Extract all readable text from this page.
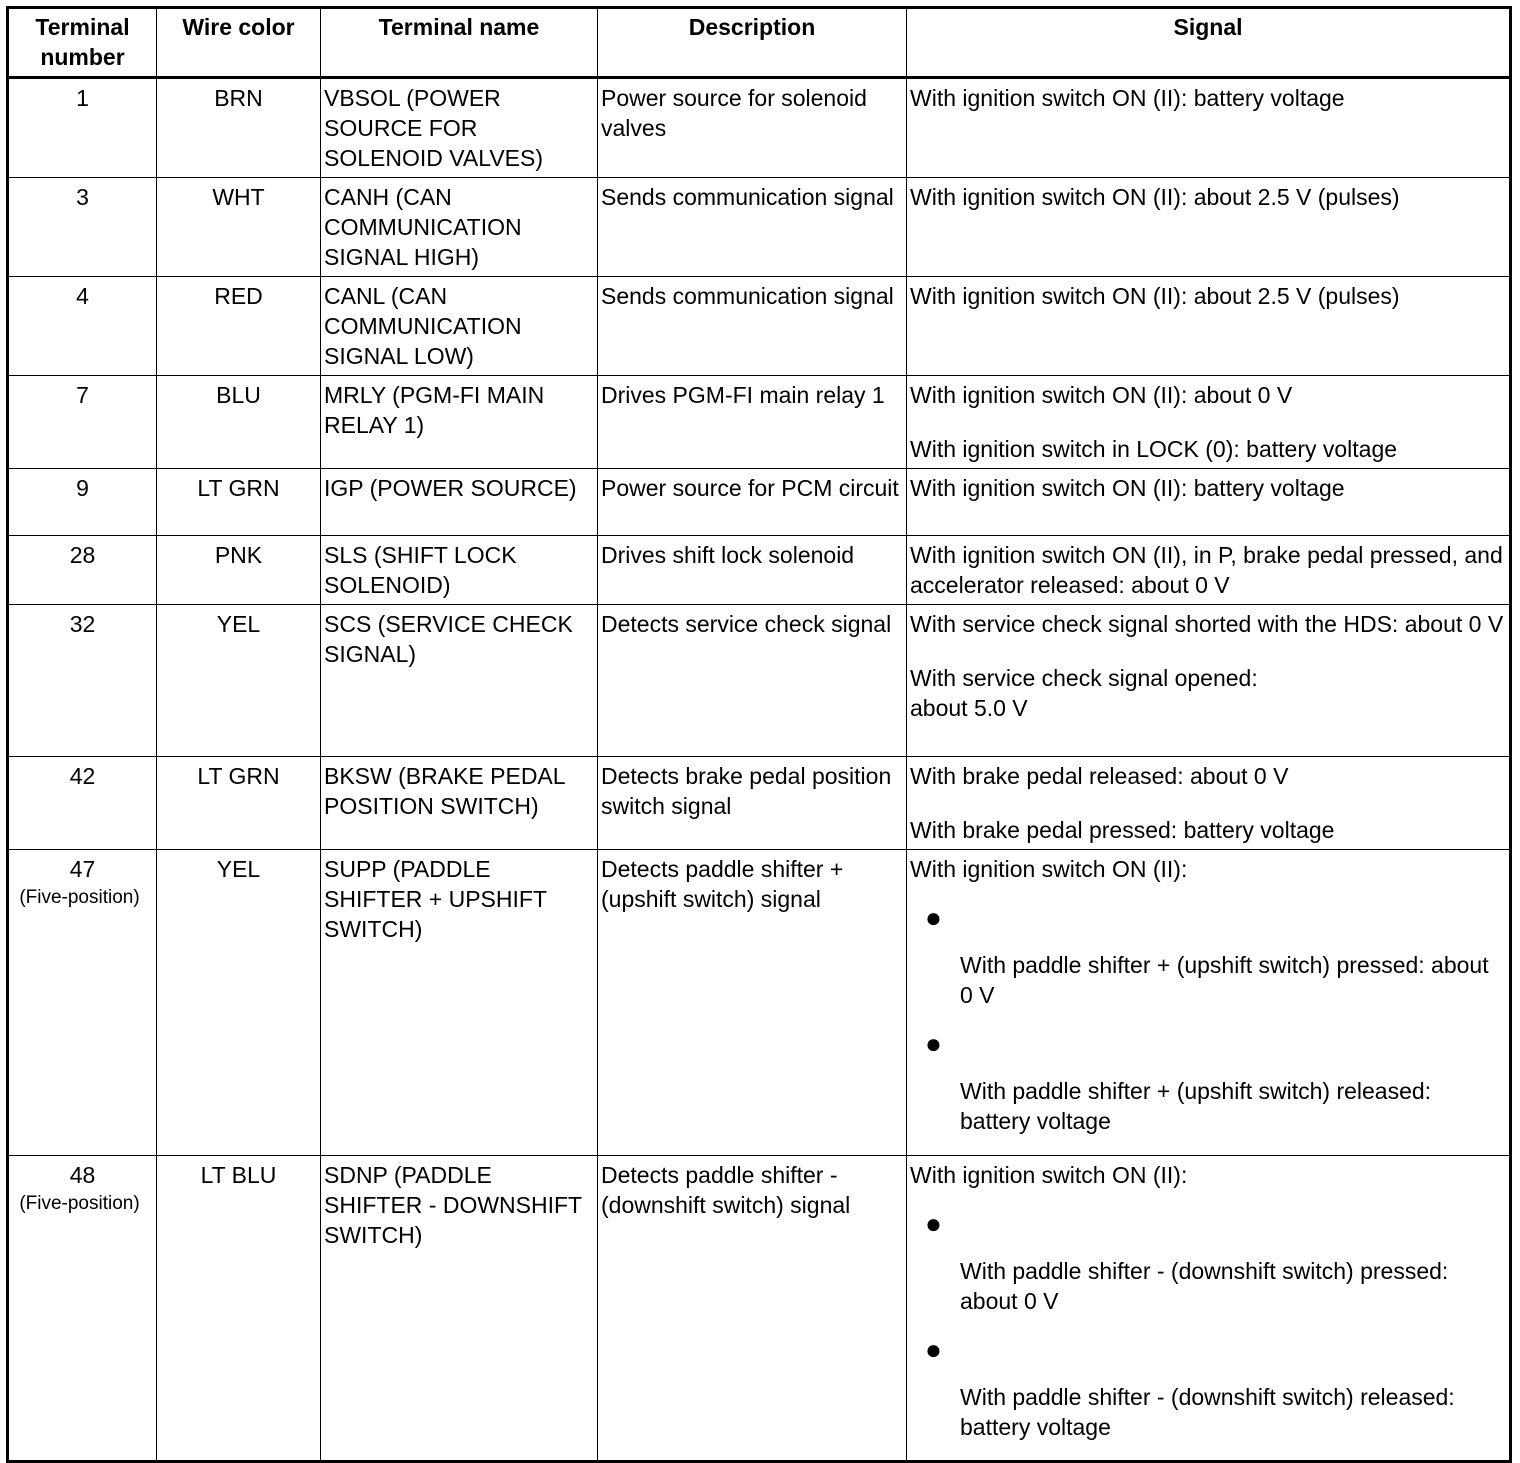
Terminal number	Wire color	Terminal name	Description	Signal
1	BRN	VBSOL (POWER SOURCE FOR SOLENOID VALVES)	Power source for solenoid valves	With ignition switch ON (II): battery voltage

3	WHT	CANH (CAN COMMUNICATION SIGNAL HIGH)	Sends communication signal	With ignition switch ON (II): about 2.5 V (pulses)

4	RED	CANL (CAN COMMUNICATION SIGNAL LOW)	Sends communication signal	With ignition switch ON (II): about 2.5 V (pulses)

7	BLU	MRLY (PGM-FI MAIN RELAY 1)	Drives PGM-FI main relay 1	With ignition switch ON (II): about 0 V
With ignition switch in LOCK (0): battery voltage

9	LT GRN	IGP (POWER SOURCE)	Power source for PCM circuit	With ignition switch ON (II): battery voltage

28	PNK	SLS (SHIFT LOCK SOLENOID)	Drives shift lock solenoid	With ignition switch ON (II), in P, brake pedal pressed, and accelerator released: about 0 V

32	YEL	SCS (SERVICE CHECK SIGNAL)	Detects service check signal	With service check signal shorted with the HDS: about 0 V
With service check signal opened:
about 5.0 V

42	LT GRN	BKSW (BRAKE PEDAL POSITION SWITCH)	Detects brake pedal position switch signal	With brake pedal released: about 0 V
With brake pedal pressed: battery voltage

47
(Five-position)	YEL	SUPP (PADDLE SHIFTER + UPSHIFT SWITCH)	Detects paddle shifter + (upshift switch) signal	With ignition switch ON (II):
●
With paddle shifter + (upshift switch) pressed: about 0 V
●
With paddle shifter + (upshift switch) released: battery voltage

48
(Five-position)	LT BLU	SDNP (PADDLE SHIFTER - DOWNSHIFT SWITCH)	Detects paddle shifter - (downshift switch) signal	With ignition switch ON (II):
●
With paddle shifter - (downshift switch) pressed: about 0 V
●
With paddle shifter - (downshift switch) released: battery voltage
